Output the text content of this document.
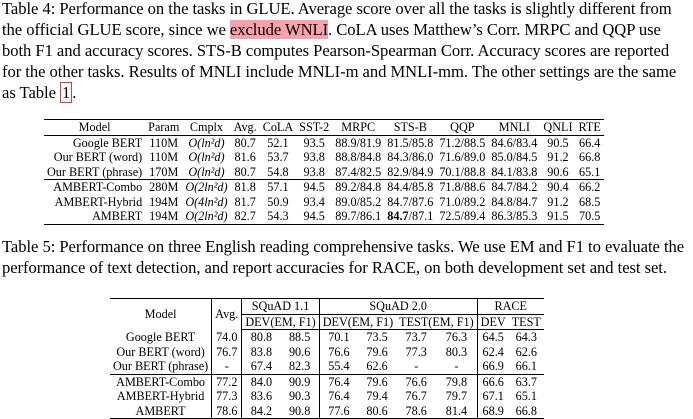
Table 4: Performance on the tasks in GLUE. Average score over all the tasks is slightly different from the official GLUE score, since we exclude WNLI. CoLA uses Matthew’s Corr. MRPC and QQP use both F1 and accuracy scores. STS-B computes Pearson-Spearman Corr. Accuracy scores are reported for the other tasks. Results of MNLI include MNLI-m and MNLI-mm. The other settings are the same as Table 1 .

Model	Param	Cmplx	Avg.	CoLA	SST-2	MRPC	STS-B	QQP	MNLI	QNLI	RTE
Google BERT	110M	O(ln²d)	80.7	52.1	93.5	88.9/81.9	81.5/85.8	71.2/88.5	84.6/83.4	90.5	66.4
Our BERT (word)	110M	O(ln²d)	81.6	53.7	93.8	88.8/84.8	84.3/86.0	71.6/89.0	85.0/84.5	91.2	66.8
Our BERT (phrase)	170M	O(ln²d)	80.7	54.8	93.8	87.4/82.5	82.9/84.9	70.1/88.8	84.1/83.8	90.6	65.1
AMBERT-Combo	280M	O(2ln²d)	81.8	57.1	94.5	89.2/84.8	84.4/85.8	71.8/88.6	84.7/84.2	90.4	66.2
AMBERT-Hybrid	194M	O(4ln²d)	81.7	50.9	93.4	89.0/85.2	84.7/87.6	71.0/89.2	84.8/84.7	91.2	68.5
AMBERT	194M	O(2ln²d)	82.7	54.3	94.5	89.7/86.1	84.7/87.1	72.5/89.4	86.3/85.3	91.5	70.5

Table 5: Performance on three English reading comprehensive tasks. We use EM and F1 to evaluate the performance of text detection, and report accuracies for RACE, on both development set and test set.

Model	Avg.	SQuAD 1.1		SQuAD 2.0				RACE	
		DEV(EM, F1)		DEV(EM, F1)		TEST(EM, F1)		DEV	TEST
Google BERT	74.0	80.8	88.5	70.1	73.5	73.7	76.3	64.5	64.3
Our BERT (word)	76.7	83.8	90.6	76.6	79.6	77.3	80.3	62.4	62.6
Our BERT (phrase)	-	67.4	82.3	55.4	62.6	-	-	66.9	66.1
AMBERT-Combo	77.2	84.0	90.9	76.4	79.6	76.6	79.8	66.6	63.7
AMBERT-Hybrid	77.3	83.6	90.3	76.4	79.4	76.7	79.7	67.1	65.1
AMBERT	78.6	84.2	90.8	77.6	80.6	78.6	81.4	68.9	66.8
